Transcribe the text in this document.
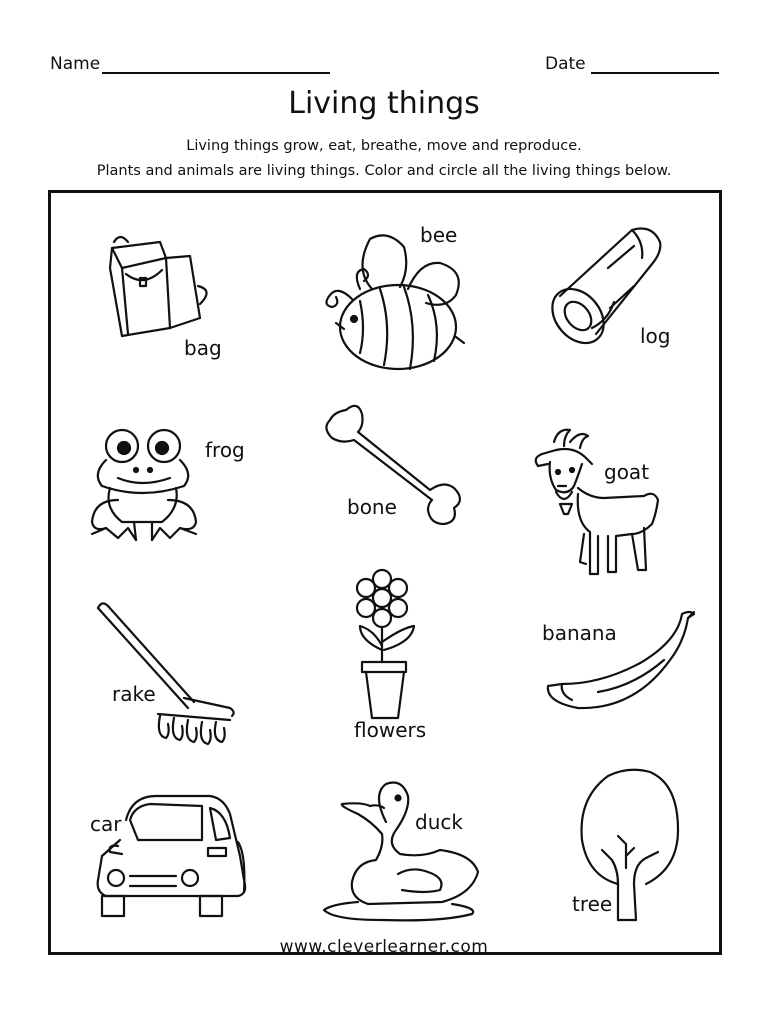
Name	Date
Living things

Living things grow, eat, breathe, move and reproduce.

Plants and animals are living things. Color and circle all the living things below.

bag
bee
log
frog
bone
goat
rake
flowers
banana
car	duck
tree

www.cleverlearner.com
